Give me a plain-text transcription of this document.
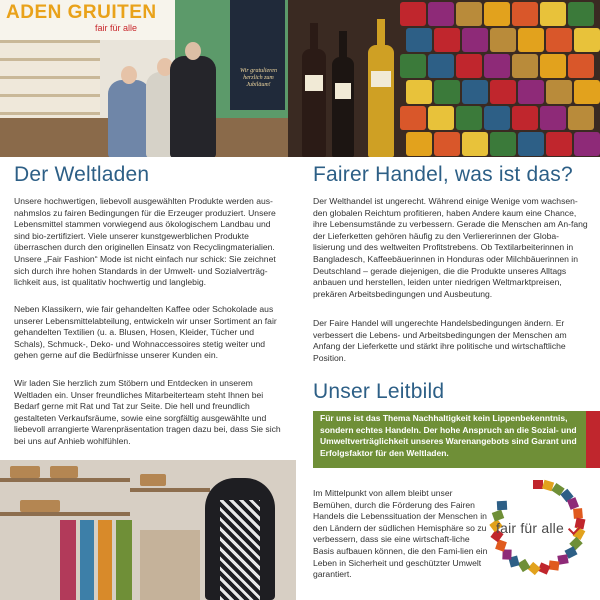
ADEN GRUITEN
fair für alle
Wir gratulieren herzlich zum Jubiläum!
Der Weltladen

Unsere hochwertigen, liebevoll ausgewählten Produkte werden aus-nahmslos zu fairen Bedingungen für die Erzeuger produziert. Unsere Lebensmittel stammen vorwiegend aus ökologischem Landbau und sind bio-zertifiziert. Viele unserer kunstgewerblichen Produkte überraschen durch den originellen Einsatz von Recyclingmaterialien. Unsere „Fair Fashion“ Mode ist nicht einfach nur schick: Sie zeichnet sich durch ihre hohen Standards in der Umwelt- und Sozialverträg-lichkeit aus, ist qualitativ hochwertig und langlebig.

Neben Klassikern, wie fair gehandelten Kaffee oder Schokolade aus unserer Lebensmittelabteilung, entwickeln wir unser Sortiment an fair gehandelten Textilien (u. a. Blusen, Hosen, Kleider, Tücher und Schals), Schmuck-, Deko- und Wohnaccessoires stetig weiter und gehen gerne auf die Bedürfnisse unserer Kunden ein.

Wir laden Sie herzlich zum Stöbern und Entdecken in unserem Weltladen ein. Unser freundliches Mitarbeiterteam steht Ihnen bei Bedarf gerne mit Rat und Tat zur Seite. Die hell und freundlich gestalteten Verkaufsräume, sowie eine sorgfältig ausgewählte und liebevoll arrangierte Warenpräsentation tragen dazu bei, dass Sie sich bei uns auf Anhieb wohlfühlen.

Fairer Handel, was ist das?

Der Welthandel ist ungerecht. Während einige Wenige vom wachsen-den globalen Reichtum profitieren, haben Andere kaum eine Chance, ihre Lebensumstände zu verbessern. Gerade die Menschen am An-fang der Lieferketten gehören häufig zu den Verliererinnen der Globa-lisierung und des weltweiten Profitstrebens. Ob Textilarbeiterinnen in Bangladesch, Kaffeebäuerinnen in Honduras oder Milchbäuerinnen in Deutschland – gerade diejenigen, die die Produkte unseres Alltags anbauen und herstellen, leiden unter niedrigen Weltmarktpreisen, prekären Arbeitsbedingungen und Ausbeutung.

Der Faire Handel will ungerechte Handelsbedingungen ändern. Er verbessert die Lebens- und Arbeitsbedingungen der Menschen am Anfang der Lieferkette und stärkt ihre politische und wirtschaftliche Position.

Unser Leitbild

Für uns ist das Thema Nachhaltigkeit kein Lippenbekenntnis, sondern echtes Handeln. Der hohe Anspruch an die Sozial- und Umweltverträglichkeit unseres Warenangebots sind Garant und Erfolgsfaktor für den Weltladen.

Im Mittelpunkt von allem bleibt unser Bemühen, durch die Förderung des Fairen Handels die Lebenssituation der Menschen in den Ländern der südlichen Hemisphäre so zu verbessern, dass sie eine wirtschaft-liche Basis aufbauen können, die den Fami-lien ein Leben in Sicherheit und geschützter Umwelt garantiert.

fair für alle
